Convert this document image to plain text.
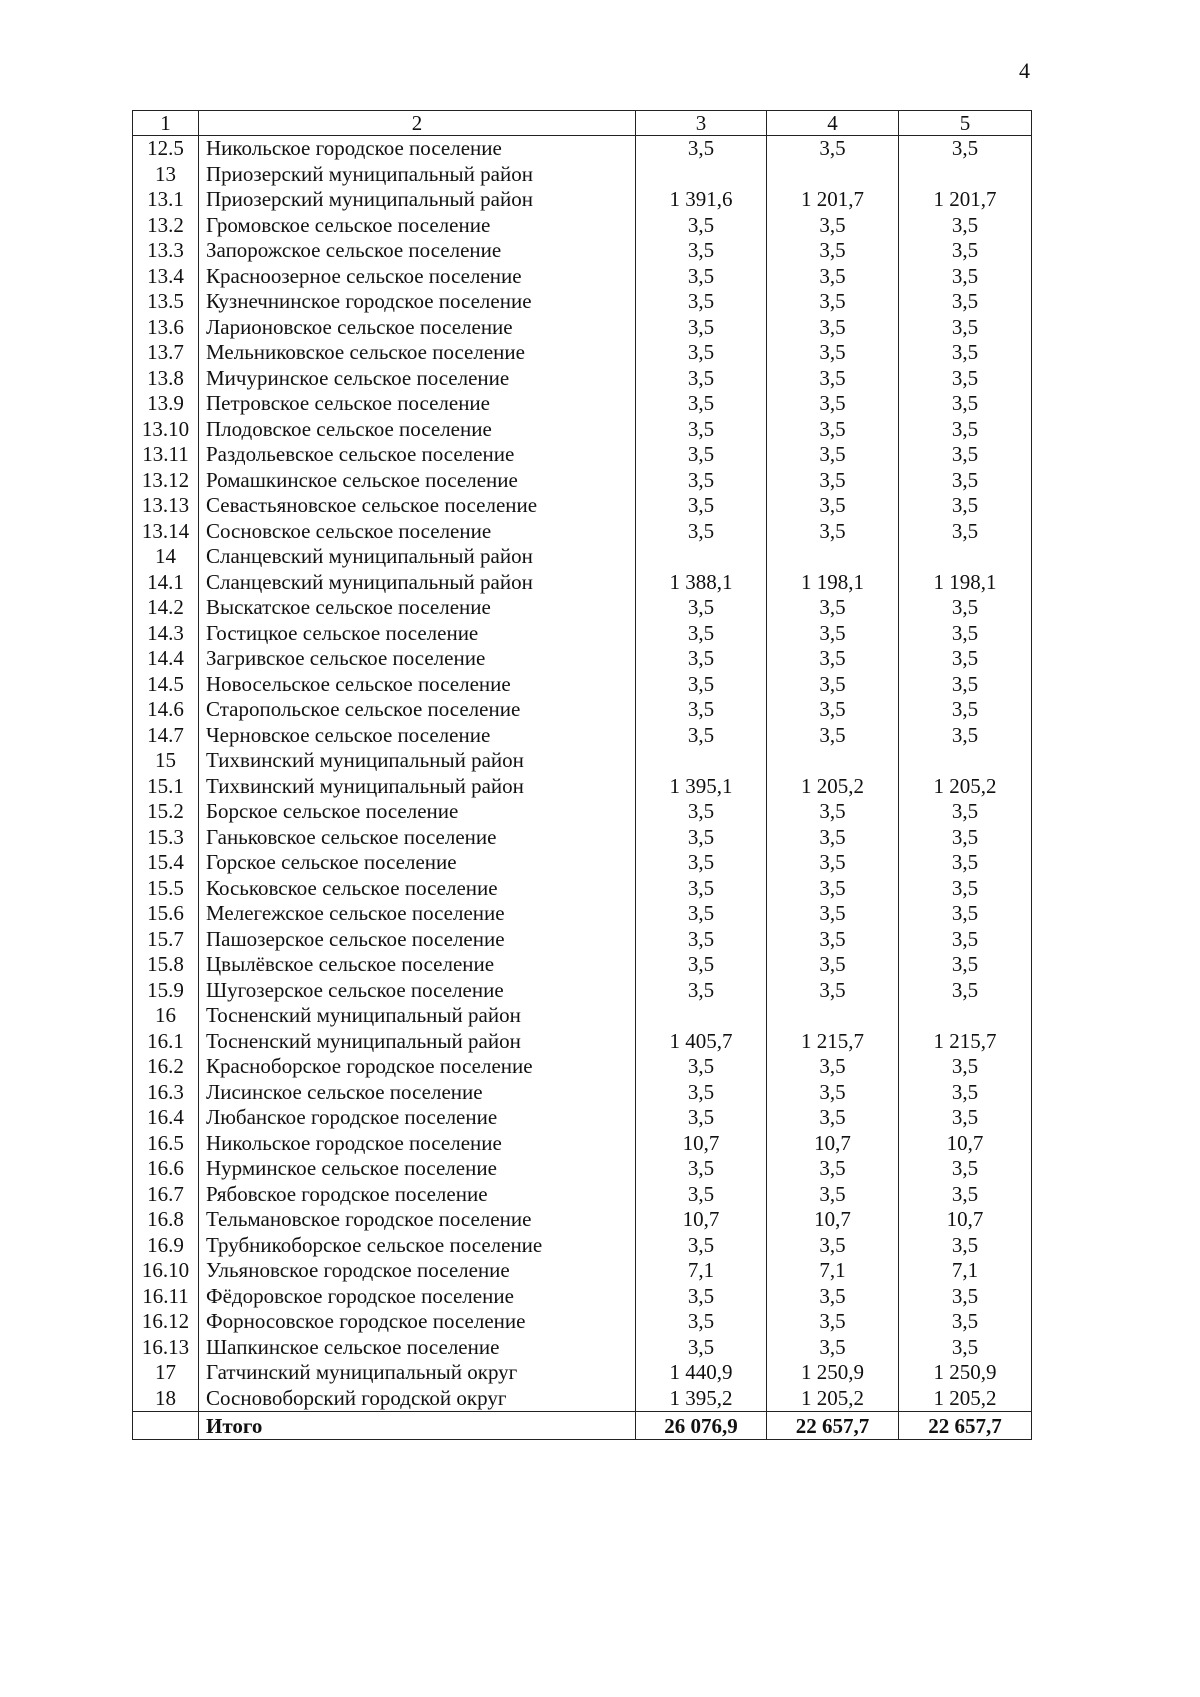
4
1	2	3	4	5
12.5	Никольское городское поселение	3,5	3,5	3,5
13	Приозерский муниципальный район			
13.1	Приозерский муниципальный район	1 391,6	1 201,7	1 201,7
13.2	Громовское сельское поселение	3,5	3,5	3,5
13.3	Запорожское сельское поселение	3,5	3,5	3,5
13.4	Красноозерное сельское поселение	3,5	3,5	3,5
13.5	Кузнечнинское городское поселение	3,5	3,5	3,5
13.6	Ларионовское сельское поселение	3,5	3,5	3,5
13.7	Мельниковское сельское поселение	3,5	3,5	3,5
13.8	Мичуринское сельское поселение	3,5	3,5	3,5
13.9	Петровское сельское поселение	3,5	3,5	3,5
13.10	Плодовское сельское поселение	3,5	3,5	3,5
13.11	Раздольевское сельское поселение	3,5	3,5	3,5
13.12	Ромашкинское сельское поселение	3,5	3,5	3,5
13.13	Севастьяновское сельское поселение	3,5	3,5	3,5
13.14	Сосновское сельское поселение	3,5	3,5	3,5
14	Сланцевский муниципальный район			
14.1	Сланцевский муниципальный район	1 388,1	1 198,1	1 198,1
14.2	Выскатское сельское поселение	3,5	3,5	3,5
14.3	Гостицкое сельское поселение	3,5	3,5	3,5
14.4	Загривское сельское поселение	3,5	3,5	3,5
14.5	Новосельское сельское поселение	3,5	3,5	3,5
14.6	Старопольское сельское поселение	3,5	3,5	3,5
14.7	Черновское сельское поселение	3,5	3,5	3,5
15	Тихвинский муниципальный район			
15.1	Тихвинский муниципальный район	1 395,1	1 205,2	1 205,2
15.2	Борское сельское поселение	3,5	3,5	3,5
15.3	Ганьковское сельское поселение	3,5	3,5	3,5
15.4	Горское сельское поселение	3,5	3,5	3,5
15.5	Коськовское сельское поселение	3,5	3,5	3,5
15.6	Мелегежское сельское поселение	3,5	3,5	3,5
15.7	Пашозерское сельское поселение	3,5	3,5	3,5
15.8	Цвылёвское сельское поселение	3,5	3,5	3,5
15.9	Шугозерское сельское поселение	3,5	3,5	3,5
16	Тосненский муниципальный район			
16.1	Тосненский муниципальный район	1 405,7	1 215,7	1 215,7
16.2	Красноборское городское поселение	3,5	3,5	3,5
16.3	Лисинское сельское поселение	3,5	3,5	3,5
16.4	Любанское городское поселение	3,5	3,5	3,5
16.5	Никольское городское поселение	10,7	10,7	10,7
16.6	Нурминское сельское поселение	3,5	3,5	3,5
16.7	Рябовское городское поселение	3,5	3,5	3,5
16.8	Тельмановское городское поселение	10,7	10,7	10,7
16.9	Трубникоборское сельское поселение	3,5	3,5	3,5
16.10	Ульяновское городское поселение	7,1	7,1	7,1
16.11	Фёдоровское городское поселение	3,5	3,5	3,5
16.12	Форносовское городское поселение	3,5	3,5	3,5
16.13	Шапкинское сельское поселение	3,5	3,5	3,5
17	Гатчинский муниципальный округ	1 440,9	1 250,9	1 250,9
18	Сосновоборский городской округ	1 395,2	1 205,2	1 205,2
	Итого	26 076,9	22 657,7	22 657,7
